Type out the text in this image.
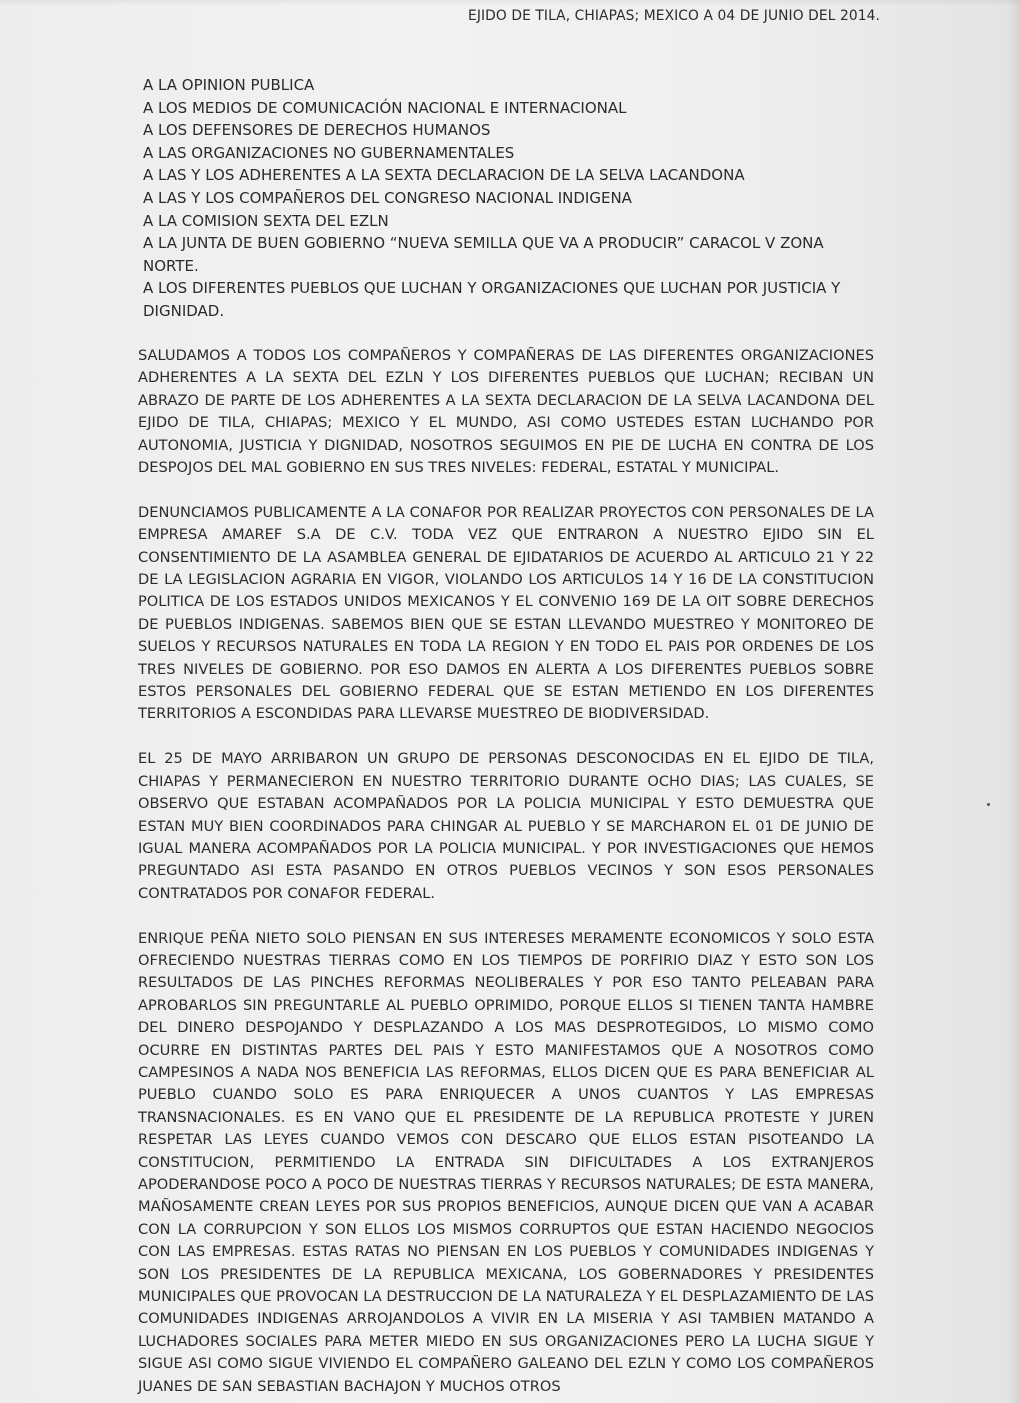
EJIDO DE TILA, CHIAPAS; MEXICO A 04 DE JUNIO DEL 2014.
A LA OPINION PUBLICA
A LOS MEDIOS DE COMUNICACIÓN NACIONAL E INTERNACIONAL
A LOS DEFENSORES DE DERECHOS HUMANOS
A LAS ORGANIZACIONES NO GUBERNAMENTALES
A LAS Y LOS ADHERENTES A LA SEXTA DECLARACION DE LA SELVA LACANDONA
A LAS Y LOS COMPAÑEROS DEL CONGRESO NACIONAL INDIGENA
A LA COMISION SEXTA DEL EZLN
A LA JUNTA DE BUEN GOBIERNO “NUEVA SEMILLA QUE VA A PRODUCIR” CARACOL V ZONA
NORTE.
A LOS DIFERENTES PUEBLOS QUE LUCHAN Y ORGANIZACIONES QUE LUCHAN POR JUSTICIA Y
DIGNIDAD.

SALUDAMOS A TODOS LOS COMPAÑEROS Y COMPAÑERAS DE LAS DIFERENTES ORGANIZACIONES ADHERENTES A LA SEXTA DEL EZLN Y LOS DIFERENTES PUEBLOS QUE LUCHAN; RECIBAN UN ABRAZO DE PARTE DE LOS ADHERENTES A LA SEXTA DECLARACION DE LA SELVA LACANDONA DEL EJIDO DE TILA, CHIAPAS; MEXICO Y EL MUNDO, ASI COMO USTEDES ESTAN LUCHANDO POR AUTONOMIA, JUSTICIA Y DIGNIDAD, NOSOTROS SEGUIMOS EN PIE DE LUCHA EN CONTRA DE LOS DESPOJOS DEL MAL GOBIERNO EN SUS TRES NIVELES: FEDERAL, ESTATAL Y MUNICIPAL.

DENUNCIAMOS PUBLICAMENTE A LA CONAFOR POR REALIZAR PROYECTOS CON PERSONALES DE LA EMPRESA AMAREF S.A DE C.V. TODA VEZ QUE ENTRARON A NUESTRO EJIDO SIN EL CONSENTIMIENTO DE LA ASAMBLEA GENERAL DE EJIDATARIOS DE ACUERDO AL ARTICULO 21 Y 22 DE LA LEGISLACION AGRARIA EN VIGOR, VIOLANDO LOS ARTICULOS 14 Y 16 DE LA CONSTITUCION POLITICA DE LOS ESTADOS UNIDOS MEXICANOS Y EL CONVENIO 169 DE LA OIT SOBRE DERECHOS DE PUEBLOS INDIGENAS. SABEMOS BIEN QUE SE ESTAN LLEVANDO MUESTREO Y MONITOREO DE SUELOS Y RECURSOS NATURALES EN TODA LA REGION Y EN TODO EL PAIS POR ORDENES DE LOS TRES NIVELES DE GOBIERNO. POR ESO DAMOS EN ALERTA A LOS DIFERENTES PUEBLOS SOBRE ESTOS PERSONALES DEL GOBIERNO FEDERAL QUE SE ESTAN METIENDO EN LOS DIFERENTES TERRITORIOS A ESCONDIDAS PARA LLEVARSE MUESTREO DE BIODIVERSIDAD.

EL 25 DE MAYO ARRIBARON UN GRUPO DE PERSONAS DESCONOCIDAS EN EL EJIDO DE TILA, CHIAPAS Y PERMANECIERON EN NUESTRO TERRITORIO DURANTE OCHO DIAS; LAS CUALES, SE OBSERVO QUE ESTABAN ACOMPAÑADOS POR LA POLICIA MUNICIPAL Y ESTO DEMUESTRA QUE ESTAN MUY BIEN COORDINADOS PARA CHINGAR AL PUEBLO Y SE MARCHARON EL 01 DE JUNIO DE IGUAL MANERA ACOMPAÑADOS POR LA POLICIA MUNICIPAL. Y POR INVESTIGACIONES QUE HEMOS PREGUNTADO ASI ESTA PASANDO EN OTROS PUEBLOS VECINOS Y SON ESOS PERSONALES CONTRATADOS POR CONAFOR FEDERAL.

ENRIQUE PEÑA NIETO SOLO PIENSAN EN SUS INTERESES MERAMENTE ECONOMICOS Y SOLO ESTA OFRECIENDO NUESTRAS TIERRAS COMO EN LOS TIEMPOS DE PORFIRIO DIAZ Y ESTO SON LOS RESULTADOS DE LAS PINCHES REFORMAS NEOLIBERALES Y POR ESO TANTO PELEABAN PARA APROBARLOS SIN PREGUNTARLE AL PUEBLO OPRIMIDO, PORQUE ELLOS SI TIENEN TANTA HAMBRE DEL DINERO DESPOJANDO Y DESPLAZANDO A LOS MAS DESPROTEGIDOS, LO MISMO COMO OCURRE EN DISTINTAS PARTES DEL PAIS Y ESTO MANIFESTAMOS QUE A NOSOTROS COMO CAMPESINOS A NADA NOS BENEFICIA LAS REFORMAS, ELLOS DICEN QUE ES PARA BENEFICIAR AL PUEBLO CUANDO SOLO ES PARA ENRIQUECER A UNOS CUANTOS Y LAS EMPRESAS TRANSNACIONALES. ES EN VANO QUE EL PRESIDENTE DE LA REPUBLICA PROTESTE Y JUREN RESPETAR LAS LEYES CUANDO VEMOS CON DESCARO QUE ELLOS ESTAN PISOTEANDO LA CONSTITUCION, PERMITIENDO LA ENTRADA SIN DIFICULTADES A LOS EXTRANJEROS APODERANDOSE POCO A POCO DE NUESTRAS TIERRAS Y RECURSOS NATURALES; DE ESTA MANERA, MAÑOSAMENTE CREAN LEYES POR SUS PROPIOS BENEFICIOS, AUNQUE DICEN QUE VAN A ACABAR CON LA CORRUPCION Y SON ELLOS LOS MISMOS CORRUPTOS QUE ESTAN HACIENDO NEGOCIOS CON LAS EMPRESAS. ESTAS RATAS NO PIENSAN EN LOS PUEBLOS Y COMUNIDADES INDIGENAS Y SON LOS PRESIDENTES DE LA REPUBLICA MEXICANA, LOS GOBERNADORES Y PRESIDENTES MUNICIPALES QUE PROVOCAN LA DESTRUCCION DE LA NATURALEZA Y EL DESPLAZAMIENTO DE LAS COMUNIDADES INDIGENAS ARROJANDOLOS A VIVIR EN LA MISERIA Y ASI TAMBIEN MATANDO A LUCHADORES SOCIALES PARA METER MIEDO EN SUS ORGANIZACIONES PERO LA LUCHA SIGUE Y SIGUE ASI COMO SIGUE VIVIENDO EL COMPAÑERO GALEANO DEL EZLN Y COMO LOS COMPAÑEROS JUANES DE SAN SEBASTIAN BACHAJON Y MUCHOS OTROS
